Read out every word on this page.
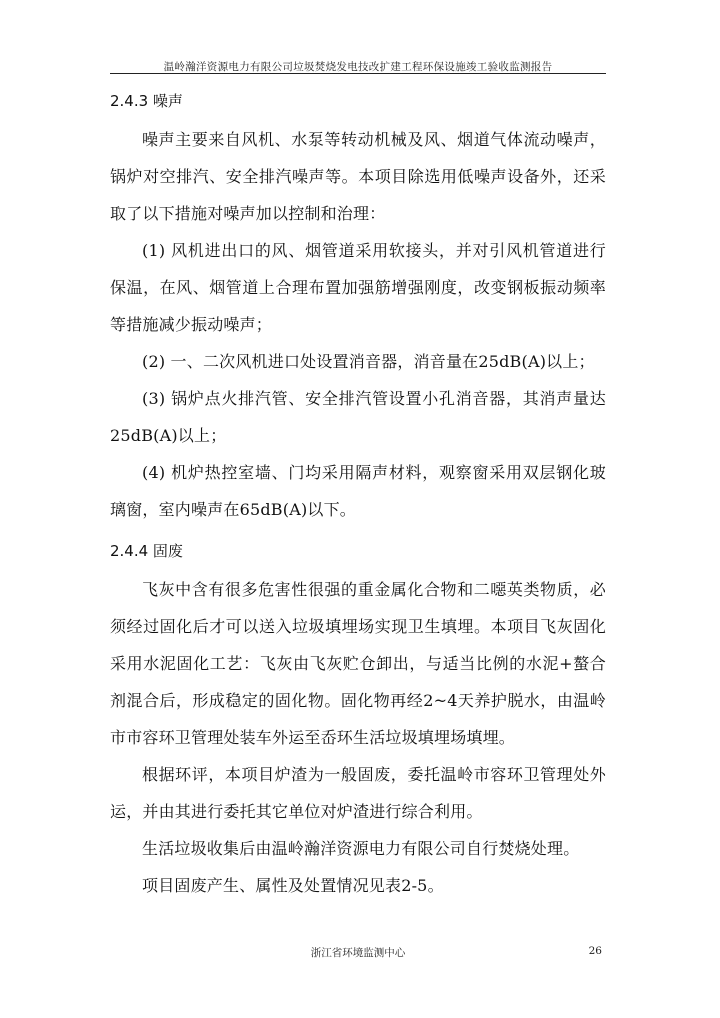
温岭瀚洋资源电力有限公司垃圾焚烧发电技改扩建工程环保设施竣工验收监测报告
2.4.3 噪声

噪声主要来自风机、水泵等转动机械及风、烟道气体流动噪声，锅炉对空排汽、安全排汽噪声等。本项目除选用低噪声设备外，还采取了以下措施对噪声加以控制和治理：

(1) 风机进出口的风、烟管道采用软接头，并对引风机管道进行保温，在风、烟管道上合理布置加强筋增强刚度，改变钢板振动频率等措施减少振动噪声；

(2) 一、二次风机进口处设置消音器，消音量在25dB(A)以上；

(3) 锅炉点火排汽管、安全排汽管设置小孔消音器，其消声量达25dB(A)以上；

(4) 机炉热控室墙、门均采用隔声材料，观察窗采用双层钢化玻璃窗，室内噪声在65dB(A)以下。

2.4.4 固废

飞灰中含有很多危害性很强的重金属化合物和二噁英类物质，必须经过固化后才可以送入垃圾填埋场实现卫生填埋。本项目飞灰固化采用水泥固化工艺：飞灰由飞灰贮仓卸出，与适当比例的水泥+螯合剂混合后，形成稳定的固化物。固化物再经2~4天养护脱水，由温岭市市容环卫管理处装车外运至岙环生活垃圾填埋场填埋。

根据环评，本项目炉渣为一般固废，委托温岭市容环卫管理处外运，并由其进行委托其它单位对炉渣进行综合利用。

生活垃圾收集后由温岭瀚洋资源电力有限公司自行焚烧处理。

项目固废产生、属性及处置情况见表2-5。

浙江省环境监测中心	26
